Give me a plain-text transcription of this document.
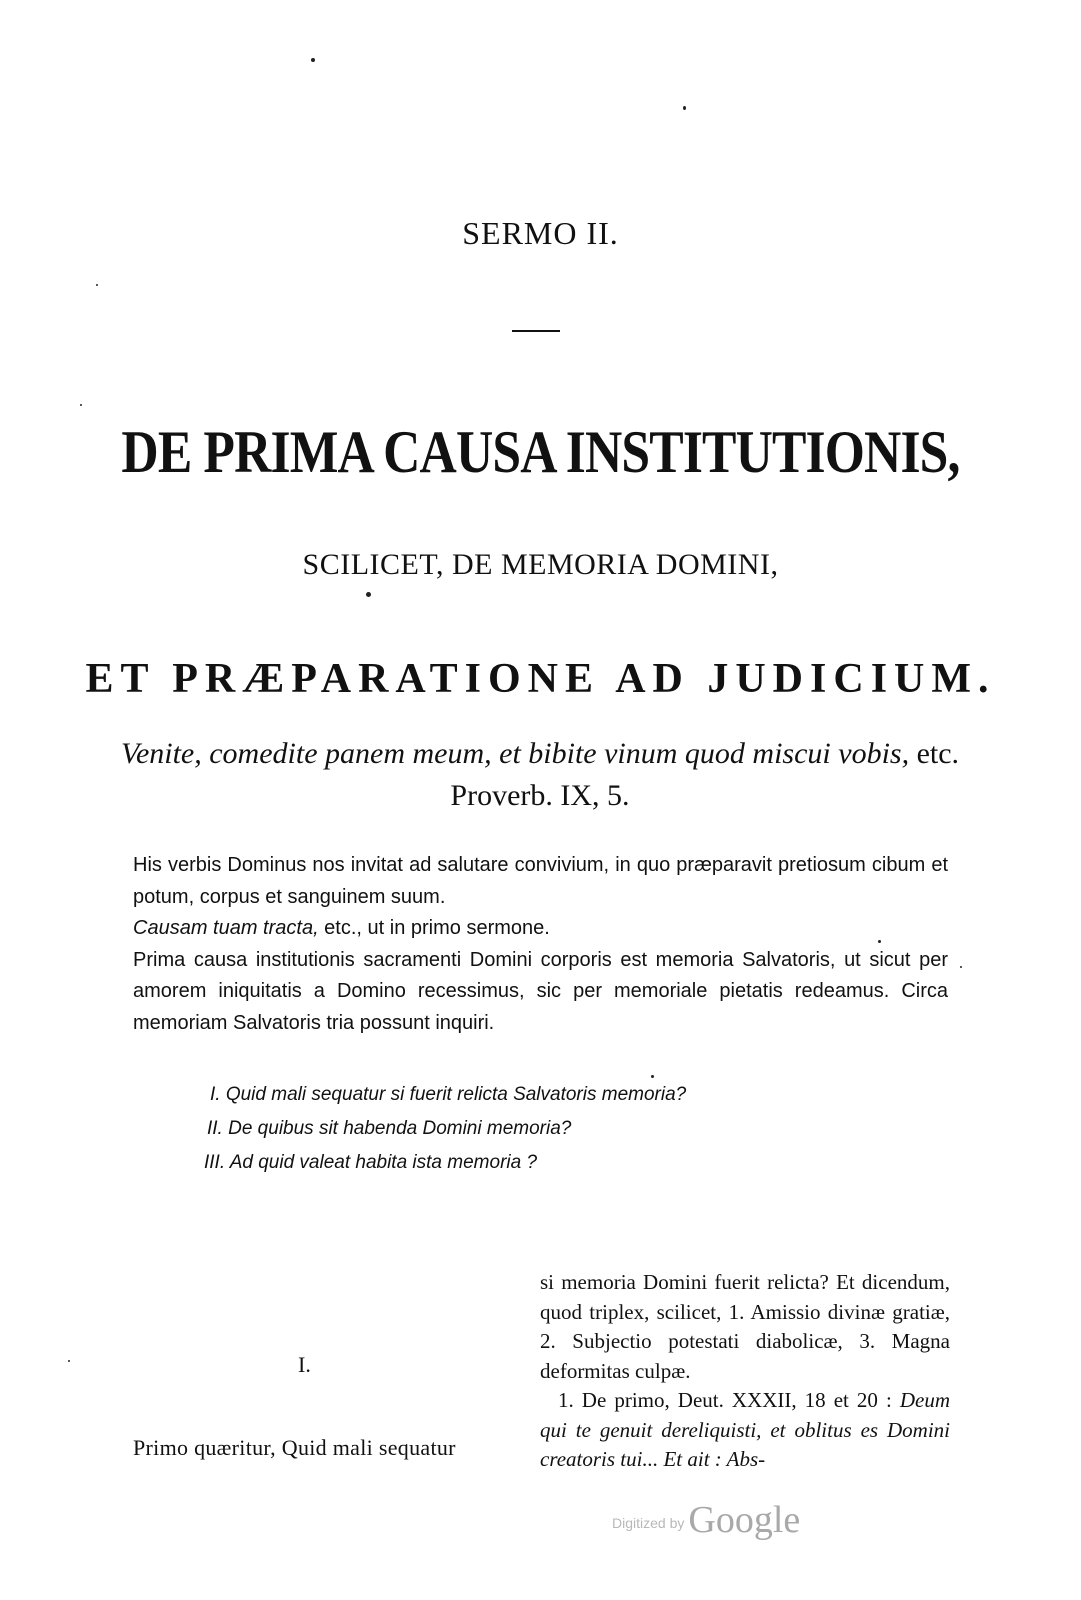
SERMO II.
DE PRIMA CAUSA INSTITUTIONIS,
SCILICET, DE MEMORIA DOMINI,
ET PRÆPARATIONE AD JUDICIUM.
Venite, comedite panem meum, et bibite vinum quod miscui vobis, etc. Proverb. IX, 5.

His verbis Dominus nos invitat ad salutare convivium, in quo præparavit pretiosum cibum et potum, corpus et sanguinem suum.

Causam tuam tracta, etc., ut in primo sermone.

Prima causa institutionis sacramenti Domini corporis est memoria Salvatoris, ut sicut per amorem iniquitatis a Domino recessimus, sic per memoriale pietatis redeamus. Circa memoriam Salvatoris tria possunt inquiri.

I. Quid mali sequatur si fuerit relicta Salvatoris memoria?
II. De quibus sit habenda Domini memoria?
III. Ad quid valeat habita ista memoria ?
I.
Primo quæritur, Quid mali sequatur

si memoria Domini fuerit relicta? Et dicendum, quod triplex, scilicet, 1. Amissio divinæ gratiæ, 2. Subjectio potestati diabolicæ, 3. Magna deformitas culpæ.

1. De primo, Deut. XXXII, 18 et 20 : Deum qui te genuit dereliquisti, et oblitus es Domini creatoris tui... Et ait : Abs-

Digitized by Google
